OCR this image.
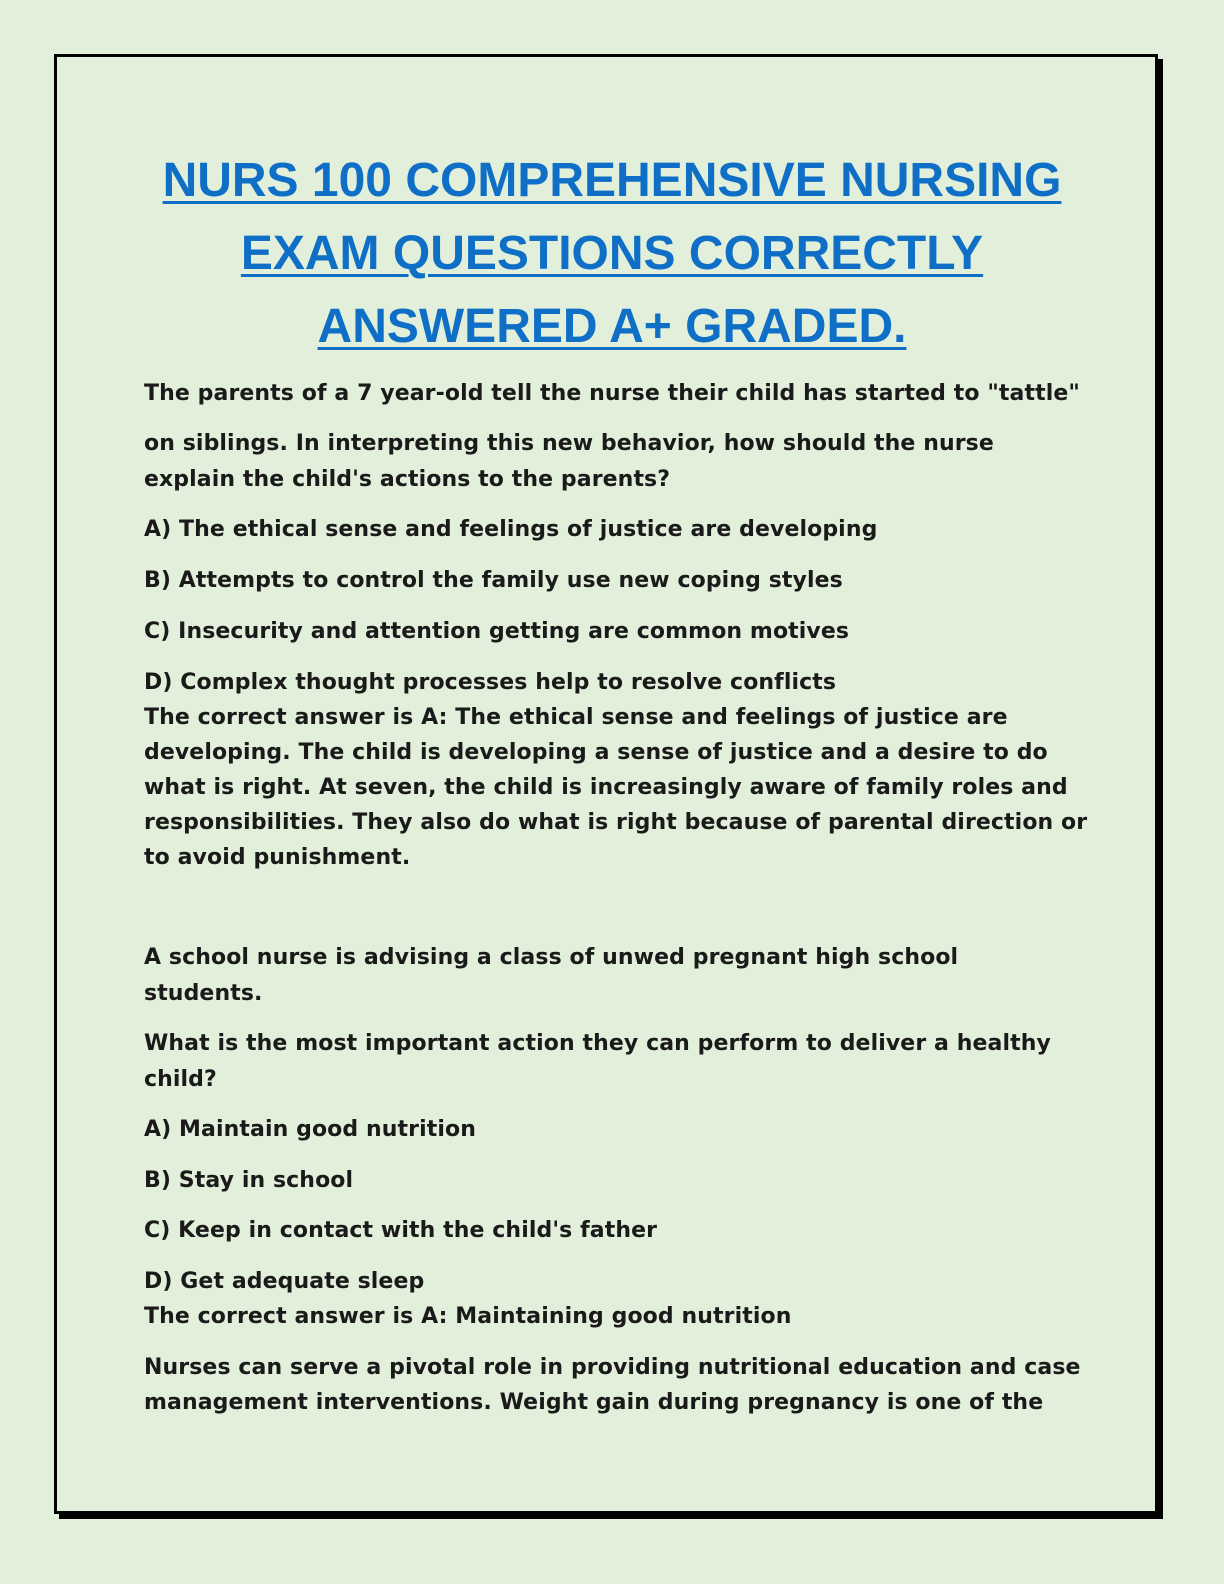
NURS 100 COMPREHENSIVE NURSING
EXAM QUESTIONS CORRECTLY
ANSWERED A+ GRADED.

The parents of a 7 year-old tell the nurse their child has started to "tattle"

on siblings. In interpreting this new behavior, how should the nurse

explain the child's actions to the parents?

A) The ethical sense and feelings of justice are developing

B) Attempts to control the family use new coping styles

C) Insecurity and attention getting are common motives

D) Complex thought processes help to resolve conflicts

The correct answer is A: The ethical sense and feelings of justice are

developing. The child is developing a sense of justice and a desire to do

what is right. At seven, the child is increasingly aware of family roles and

responsibilities. They also do what is right because of parental direction or

to avoid punishment.

A school nurse is advising a class of unwed pregnant high school

students.

What is the most important action they can perform to deliver a healthy

child?

A) Maintain good nutrition

B) Stay in school

C) Keep in contact with the child's father

D) Get adequate sleep

The correct answer is A: Maintaining good nutrition

Nurses can serve a pivotal role in providing nutritional education and case

management interventions. Weight gain during pregnancy is one of the
